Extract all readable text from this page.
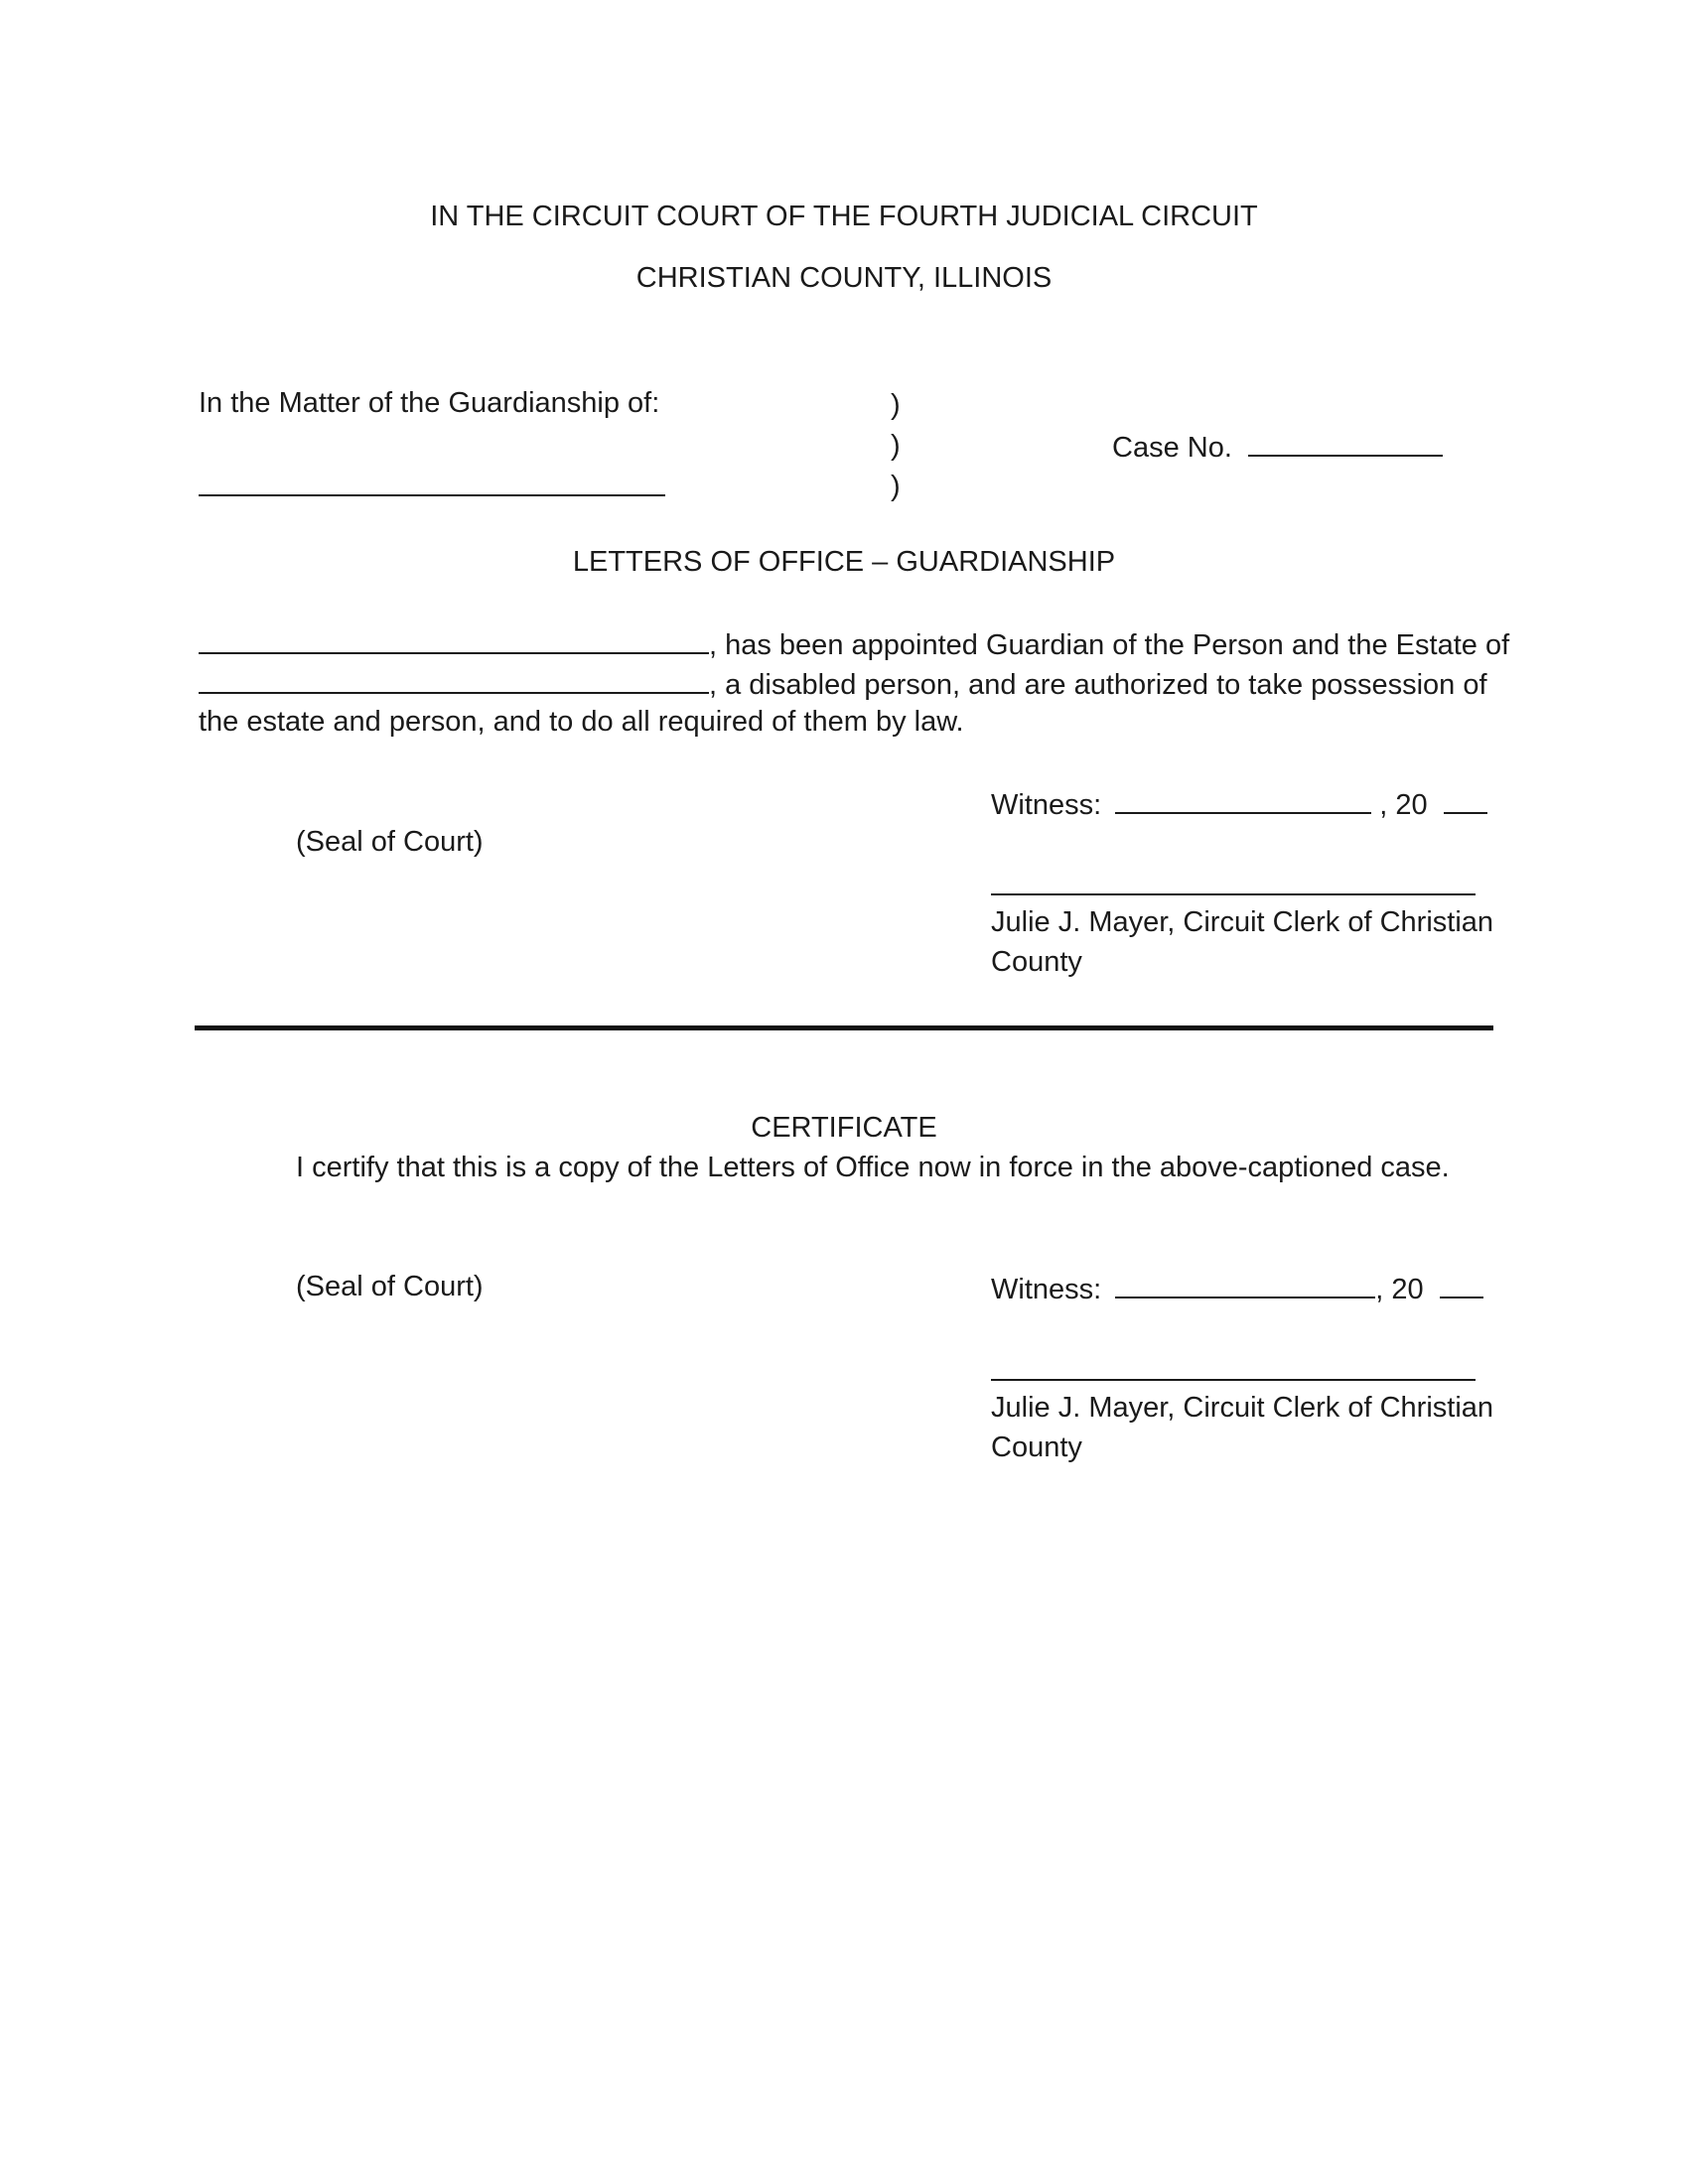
IN THE CIRCUIT COURT OF THE FOURTH JUDICIAL CIRCUIT
CHRISTIAN COUNTY, ILLINOIS
In the Matter of the Guardianship of:	)
)
)
Case No.
LETTERS OF OFFICE – GUARDIANSHIP
, has been appointed Guardian of the Person and the Estate of
, a disabled person, and are authorized to take possession of
the estate and person, and to do all required of them by law.
Witness:	, 20
(Seal of Court)
Julie J. Mayer, Circuit Clerk of Christian
County
CERTIFICATE
I certify that this is a copy of the Letters of Office now in force in the above-captioned case.
(Seal of Court)	Witness:	, 20
Julie J. Mayer, Circuit Clerk of Christian
County
